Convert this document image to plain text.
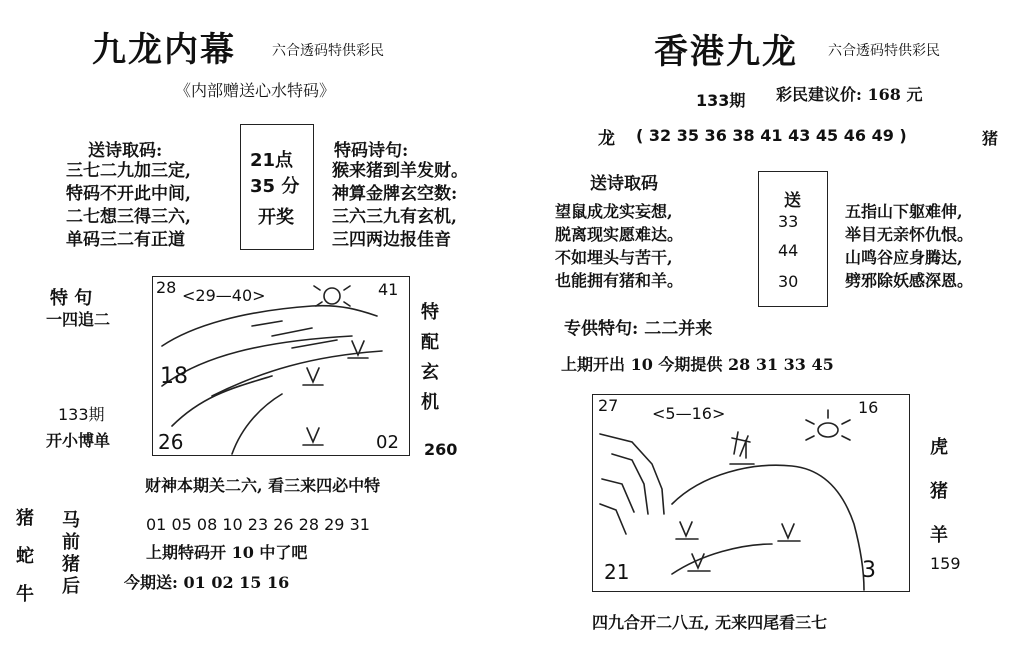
九龙内幕	六合透码特供彩民
《内部赠送心水特码》
送诗取码:
三七二九加三定,
特码不开此中间,
二七想三得三六,
单码三二有正道
21点
35 分
开奖
特码诗句:
猴来猪到羊发财。
神算金牌玄空数:
三六三九有玄机,
三四两边报佳音
特 句
一四追二
133期
开小博单
28 <29—40>	41
18
26	02
特
配
玄
机
260
财神本期关二六, 看三来四必中特
猪
蛇
牛
马
前
猪
后
01 05 08 10 23 26 28 29 31
上期特码开 10 中了吧
今期送: 01 02 15 16
香港九龙 六合透码特供彩民
133期 彩民建议价: 168 元
龙 ( 32 35 36 38 41 43 45 46 49 )	猪
送诗取码
望鼠成龙实妄想,
脱离现实愿难达。
不如埋头与苦干,
也能拥有猪和羊。
送
33
44
30
五指山下躯难伸,
举目无亲怀仇恨。
山鸣谷应身腾达,
劈邪除妖感深恩。
专供特句: 二二并来
上期开出 10 今期提供 28 31 33 45
27 <5—16>	16
21	3
虎
猪
羊
159
四九合开二八五, 无来四尾看三七
